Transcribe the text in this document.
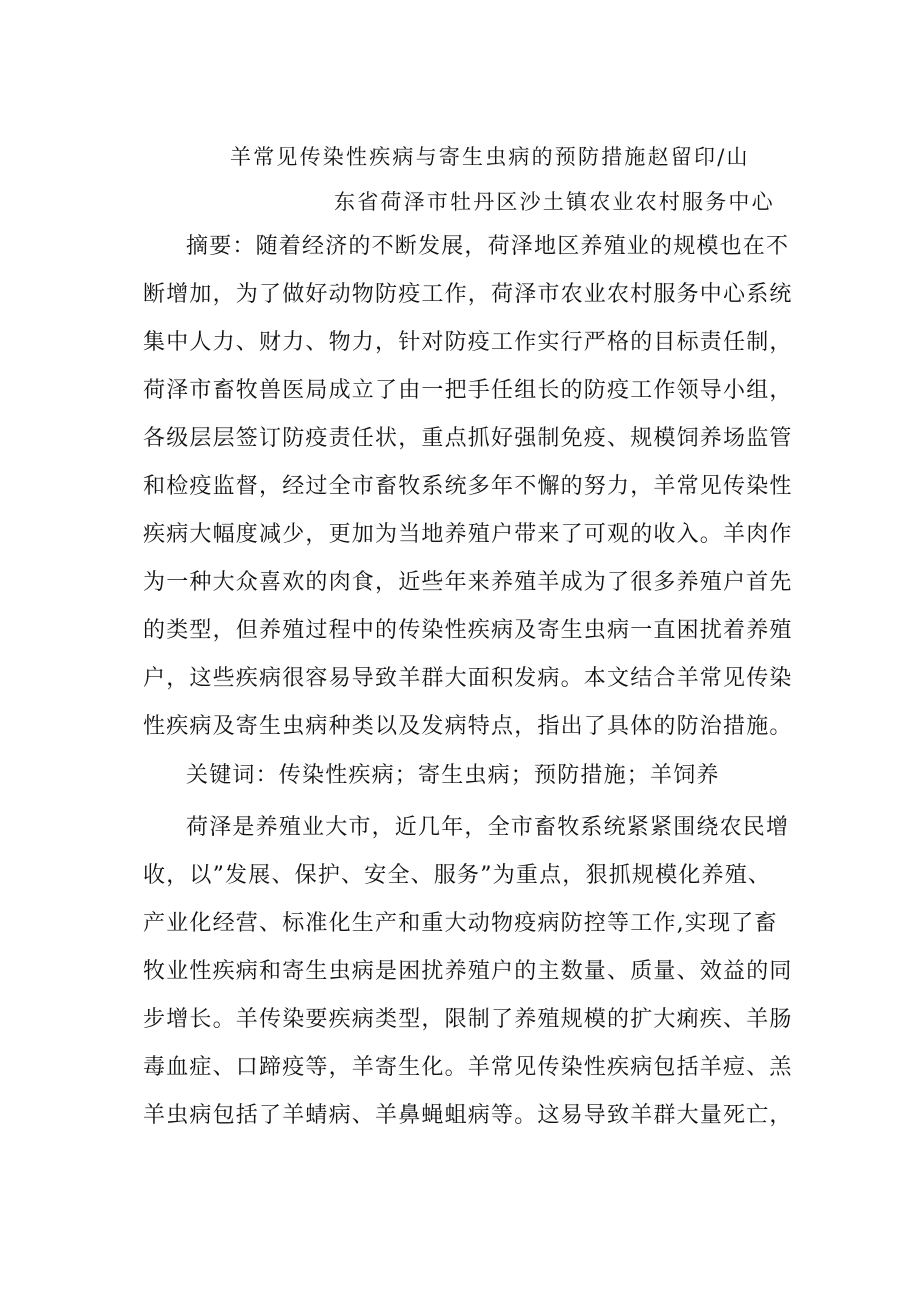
羊常见传染性疾病与寄生虫病的预防措施赵留印/山
东省荷泽市牡丹区沙土镇农业农村服务中心
摘要：随着经济的不断发展，荷泽地区养殖业的规模也在不
断增加，为了做好动物防疫工作，荷泽市农业农村服务中心系统
集中人力、财力、物力，针对防疫工作实行严格的目标责任制，
荷泽市畜牧兽医局成立了由一把手任组长的防疫工作领导小组，
各级层层签订防疫责任状，重点抓好强制免疫、规模饲养场监管
和检疫监督，经过全市畜牧系统多年不懈的努力，羊常见传染性
疾病大幅度减少，更加为当地养殖户带来了可观的收入。羊肉作
为一种大众喜欢的肉食，近些年来养殖羊成为了很多养殖户首先
的类型，但养殖过程中的传染性疾病及寄生虫病一直困扰着养殖
户，这些疾病很容易导致羊群大面积发病。本文结合羊常见传染
性疾病及寄生虫病种类以及发病特点，指出了具体的防治措施。
关键词：传染性疾病；寄生虫病；预防措施；羊饲养
荷泽是养殖业大市，近几年，全市畜牧系统紧紧围绕农民增
收，以”发展、保护、安全、服务”为重点，狠抓规模化养殖、
产业化经营、标准化生产和重大动物疫病防控等工作,实现了畜
牧业性疾病和寄生虫病是困扰养殖户的主数量、质量、效益的同
步增长。羊传染要疾病类型，限制了养殖规模的扩大痢疾、羊肠
毒血症、口蹄疫等，羊寄生化。羊常见传染性疾病包括羊痘、羔
羊虫病包括了羊蜻病、羊鼻蝇蛆病等。这易导致羊群大量死亡，
